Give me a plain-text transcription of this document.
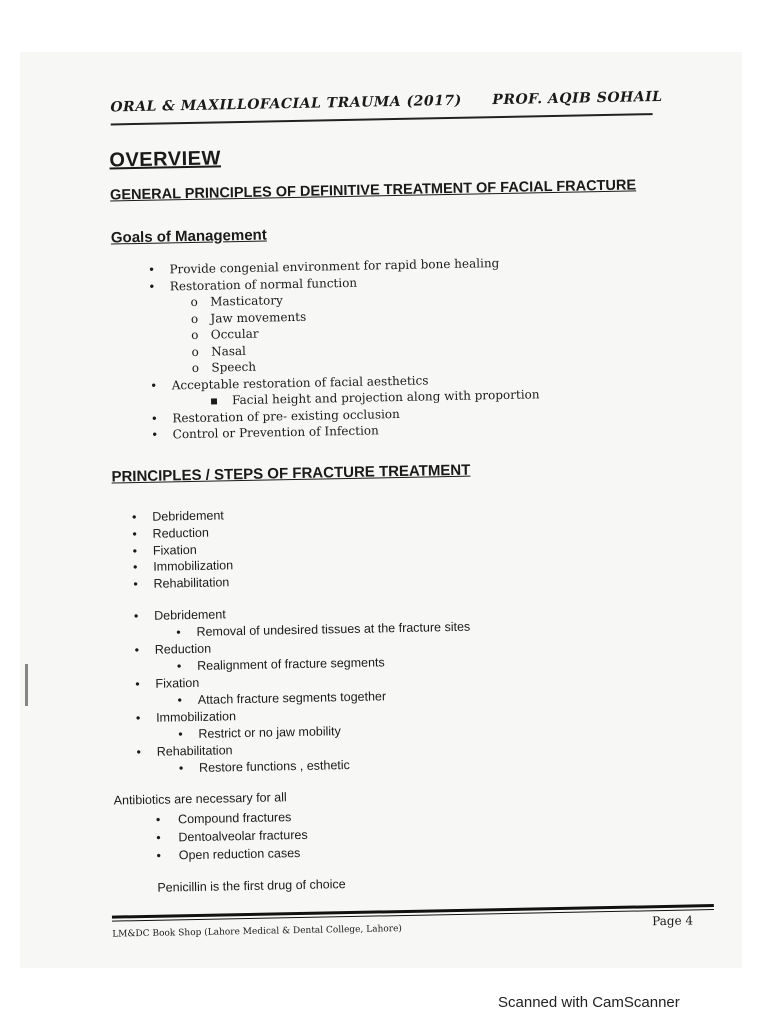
ORAL & MAXILLOFACIAL TRAUMA (2017) PROF. AQIB SOHAIL
OVERVIEW
GENERAL PRINCIPLES OF DEFINITIVE TREATMENT OF FACIAL FRACTURE
Goals of Management
• Provide congenial environment for rapid bone healing
• Restoration of normal function
o Masticatory
o Jaw movements
o Occular
o Nasal
o Speech
• Acceptable restoration of facial aesthetics
▪ Facial height and projection along with proportion
• Restoration of pre- existing occlusion
• Control or Prevention of Infection
PRINCIPLES / STEPS OF FRACTURE TREATMENT
•	Debridement
•	Reduction
•	Fixation
•	Immobilization
•	Rehabilitation
•	Debridement
•	Removal of undesired tissues at the fracture sites
•	Reduction
•	Realignment of fracture segments
•	Fixation
•	Attach fracture segments together
•	Immobilization
•	Restrict or no jaw mobility
•	Rehabilitation
•	Restore functions , esthetic
Antibiotics are necessary for all
•	Compound fractures
•	Dentoalveolar fractures
•	Open reduction cases
Penicillin is the first drug of choice
LM&DC Book Shop (Lahore Medical & Dental College, Lahore)
Page 4
Scanned with CamScanner
